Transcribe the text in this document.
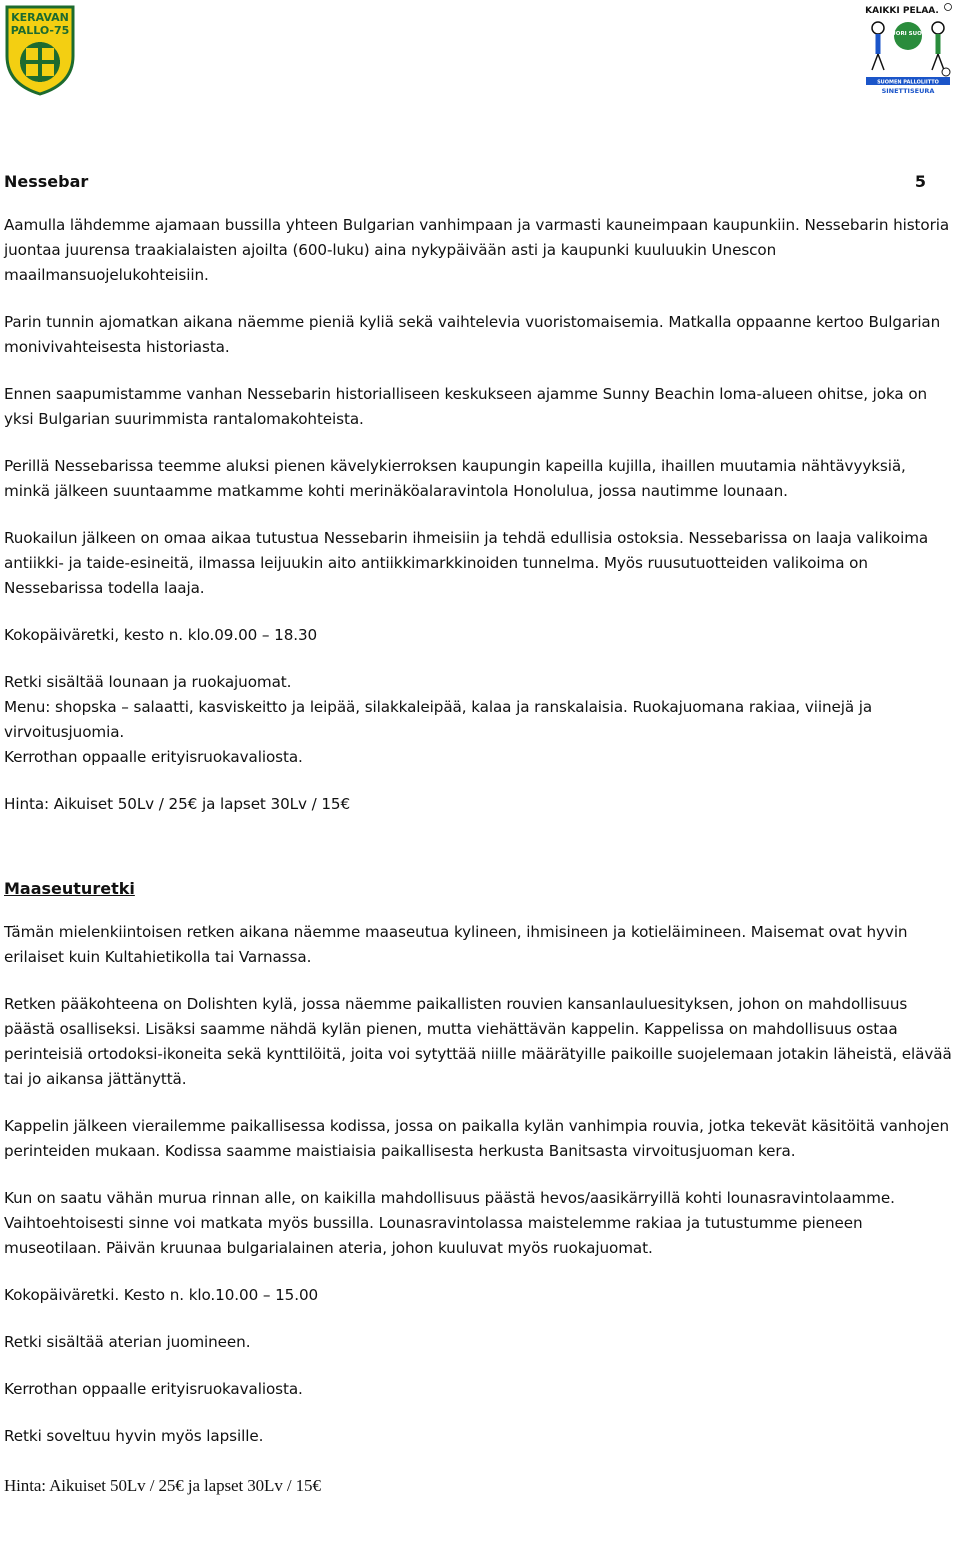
KERAVAN
PALLO-75
KAIKKI PELAA.
NUORI SUOMI
SUOMEN PALLOLIITTO
SINETTISEURA
Nessebar	5

Aamulla lähdemme ajamaan bussilla yhteen Bulgarian vanhimpaan ja varmasti kauneimpaan kaupunkiin. Nessebarin historia juontaa juurensa traakialaisten ajoilta (600-luku) aina nykypäivään asti ja kaupunki kuuluukin Unescon maailmansuojelukohteisiin.

Parin tunnin ajomatkan aikana näemme pieniä kyliä sekä vaihtelevia vuoristomaisemia. Matkalla oppaanne kertoo Bulgarian monivivahteisesta historiasta.

Ennen saapumistamme vanhan Nessebarin historialliseen keskukseen ajamme Sunny Beachin loma-alueen ohitse, joka on yksi Bulgarian suurimmista rantalomakohteista.

Perillä Nessebarissa teemme aluksi pienen kävelykierroksen kaupungin kapeilla kujilla, ihaillen muutamia nähtävyyksiä, minkä jälkeen suuntaamme matkamme kohti merinäköalaravintola Honolulua, jossa nautimme lounaan.

Ruokailun jälkeen on omaa aikaa tutustua Nessebarin ihmeisiin ja tehdä edullisia ostoksia. Nessebarissa on laaja valikoima antiikki- ja taide-esineitä, ilmassa leijuukin aito antiikkimarkkinoiden tunnelma. Myös ruusutuotteiden valikoima on Nessebarissa todella laaja.

Kokopäiväretki, kesto n. klo.09.00 – 18.30

Retki sisältää lounaan ja ruokajuomat.
Menu: shopska – salaatti, kasviskeitto ja leipää, silakkaleipää, kalaa ja ranskalaisia. Ruokajuomana rakiaa, viinejä ja virvoitusjuomia.
Kerrothan oppaalle erityisruokavaliosta.

Hinta: Aikuiset 50Lv / 25€ ja lapset 30Lv / 15€

Maaseuturetki

Tämän mielenkiintoisen retken aikana näemme maaseutua kylineen, ihmisineen ja kotieläimineen. Maisemat ovat hyvin erilaiset kuin Kultahietikolla tai Varnassa.

Retken pääkohteena on Dolishten kylä, jossa näemme paikallisten rouvien kansanlauluesityksen, johon on mahdollisuus päästä osalliseksi. Lisäksi saamme nähdä kylän pienen, mutta viehättävän kappelin. Kappelissa on mahdollisuus ostaa perinteisiä ortodoksi-ikoneita sekä kynttilöitä, joita voi sytyttää niille määrätyille paikoille suojelemaan jotakin läheistä, elävää tai jo aikansa jättänyttä.

Kappelin jälkeen vierailemme paikallisessa kodissa, jossa on paikalla kylän vanhimpia rouvia, jotka tekevät käsitöitä vanhojen perinteiden mukaan. Kodissa saamme maistiaisia paikallisesta herkusta Banitsasta virvoitusjuoman kera.

Kun on saatu vähän murua rinnan alle, on kaikilla mahdollisuus päästä hevos/aasikärryillä kohti lounasravintolaamme. Vaihtoehtoisesti sinne voi matkata myös bussilla. Lounasravintolassa maistelemme rakiaa ja tutustumme pieneen museotilaan. Päivän kruunaa bulgarialainen ateria, johon kuuluvat myös ruokajuomat.

Kokopäiväretki. Kesto n. klo.10.00 – 15.00

Retki sisältää aterian juomineen.

Kerrothan oppaalle erityisruokavaliosta.

Retki soveltuu hyvin myös lapsille.

Hinta: Aikuiset 50Lv / 25€ ja lapset 30Lv / 15€
